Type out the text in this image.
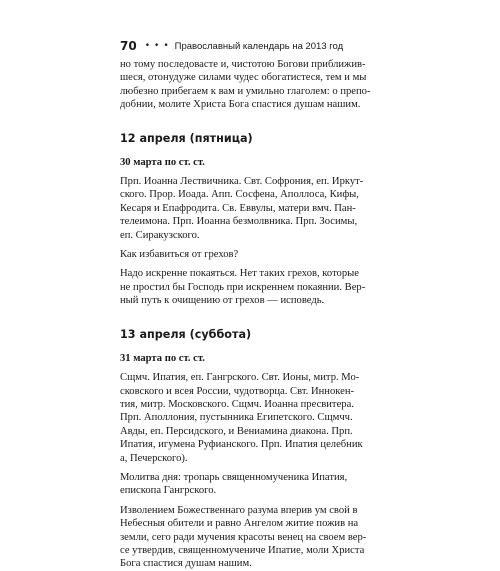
70 ••• Православный календарь на 2013 год

но тому последовасте и, чистотою Богови приближив-
шеся, отонудуже силами чудес обогатистеся, тем и мы
любезно прибегаем к вам и умильно глаголем: о препо-
добнии, молите Христа Бога спастися душам нашим.

12 апреля (пятница)

30 марта по ст. ст.

Прп. Иоанна Лествичника. Свт. Софрония, еп. Иркут-
ского. Прор. Иоада. Апп. Сосфена, Аполлоса, Кифы,
Кесаря и Епафродита. Св. Еввулы, матери вмч. Пан-
телеимона. Прп. Иоанна безмолвника. Прп. Зосимы,
еп. Сиракузского.

Как избавиться от грехов?

Надо искренне покаяться. Нет таких грехов, которые
не простил бы Господь при искреннем покаянии. Вер-
ный путь к очищению от грехов — исповедь.

13 апреля (суббота)

31 марта по ст. ст.

Сщмч. Ипатия, еп. Гангрского. Свт. Ионы, митр. Мо-
сковского и всея России, чудотворца. Свт. Иннокен-
тия, митр. Московского. Сщмч. Иоанна пресвитера.
Прп. Аполлония, пустынника Египетского. Сщмчч.
Авды, еп. Персидского, и Вениамина диакона. Прп.
Ипатия, игумена Руфианского. Прп. Ипатия целебник
а, Печерского).

Молитва дня: тропарь священномученика Ипатия,
епископа Гангрского.

Изволением Божественнаго разума вперив ум свой в
Небесныя обители и равно Ангелом житие пожив на
земли, сего ради мучения красоты венец на своем вер-
се утвердив, священномучениче Ипатие, моли Христа
Бога спастися душам нашим.
